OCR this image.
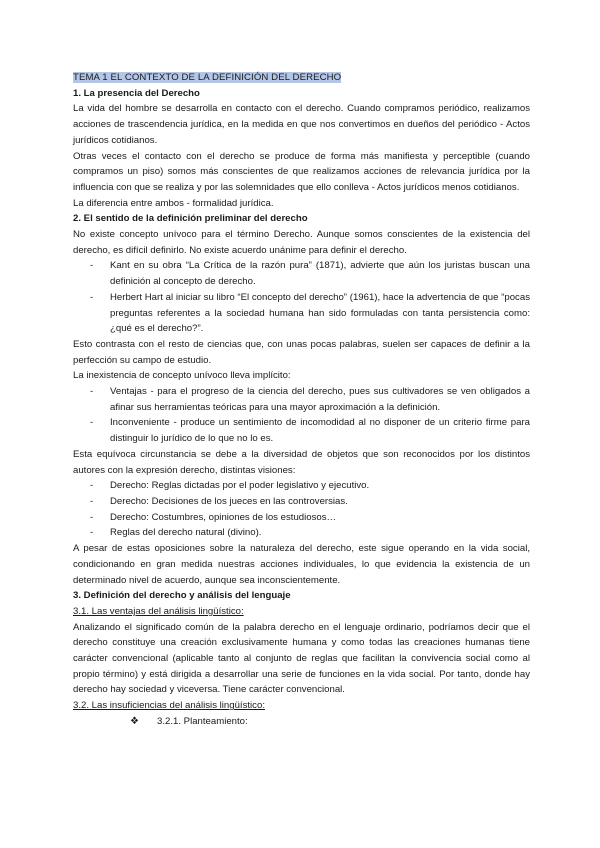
TEMA 1 EL CONTEXTO DE LA DEFINICIÓN DEL DERECHO
1. La presencia del Derecho

La vida del hombre se desarrolla en contacto con el derecho. Cuando compramos periódico, realizamos acciones de trascendencia jurídica, en la medida en que nos convertimos en dueños del periódico - Actos jurídicos cotidianos.

Otras veces el contacto con el derecho se produce de forma más manifiesta y perceptible (cuando compramos un piso) somos más conscientes de que realizamos acciones de relevancia jurídica por la influencia con que se realiza y por las solemnidades que ello conlleva - Actos jurídicos menos cotidianos.

La diferencia entre ambos - formalidad jurídica.

2. El sentido de la definición preliminar del derecho

No existe concepto unívoco para el término Derecho. Aunque somos conscientes de la existencia del derecho, es difícil definirlo. No existe acuerdo unánime para definir el derecho.

- Kant en su obra “La Crítica de la razón pura” (1871), advierte que aún los juristas buscan una definición al concepto de derecho.
- Herbert Hart al iniciar su libro “El concepto del derecho” (1961), hace la advertencia de que “pocas preguntas referentes a la sociedad humana han sido formuladas con tanta persistencia como: ¿qué es el derecho?”.

Esto contrasta con el resto de ciencias que, con unas pocas palabras, suelen ser capaces de definir a la perfección su campo de estudio.

La inexistencia de concepto unívoco lleva implícito:

- Ventajas - para el progreso de la ciencia del derecho, pues sus cultivadores se ven obligados a afinar sus herramientas teóricas para una mayor aproximación a la definición.
- Inconveniente - produce un sentimiento de incomodidad al no disponer de un criterio firme para distinguir lo jurídico de lo que no lo es.

Esta equívoca circunstancia se debe a la diversidad de objetos que son reconocidos por los distintos autores con la expresión derecho, distintas visiones:

- Derecho: Reglas dictadas por el poder legislativo y ejecutivo.
- Derecho: Decisiones de los jueces en las controversias.
- Derecho: Costumbres, opiniones de los estudiosos…
- Reglas del derecho natural (divino).

A pesar de estas oposiciones sobre la naturaleza del derecho, este sigue operando en la vida social, condicionando en gran medida nuestras acciones individuales, lo que evidencia la existencia de un determinado nivel de acuerdo, aunque sea inconscientemente.

3. Definición del derecho y análisis del lenguaje
3.1. Las ventajas del análisis lingüístico:

Analizando el significado común de la palabra derecho en el lenguaje ordinario, podríamos decir que el derecho constituye una creación exclusivamente humana y como todas las creaciones humanas tiene carácter convencional (aplicable tanto al conjunto de reglas que facilitan la convivencia social como al propio término) y está dirigida a desarrollar una serie de funciones en la vida social. Por tanto, donde hay derecho hay sociedad y viceversa. Tiene carácter convencional.

3.2. Las insuficiencias del análisis lingüístico:
❖ 3.2.1. Planteamiento:
